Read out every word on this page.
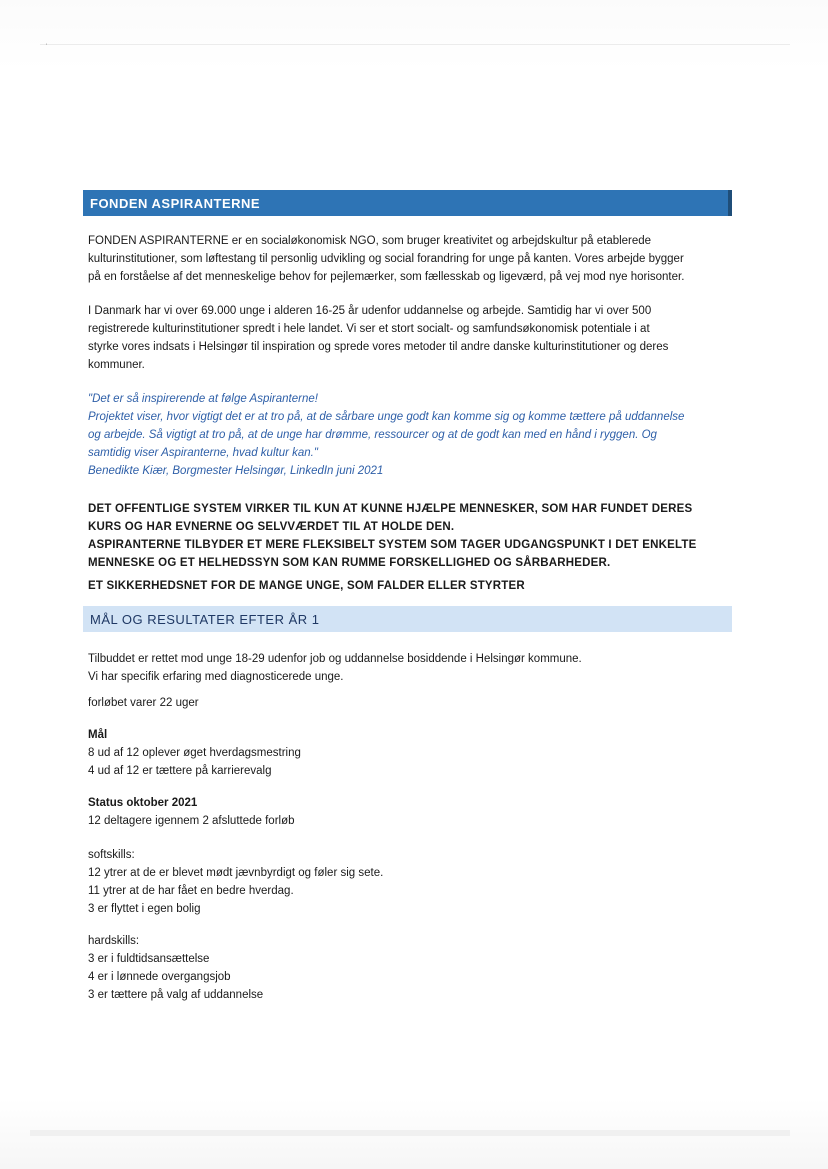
'
FONDEN ASPIRANTERNE

FONDEN ASPIRANTERNE er en socialøkonomisk NGO, som bruger kreativitet og arbejdskultur på etablerede

kulturinstitutioner, som løftestang til personlig udvikling og social forandring for unge på kanten. Vores arbejde bygger

på en forståelse af det menneskelige behov for pejlemærker, som fællesskab og ligeværd, på vej mod nye horisonter.

I Danmark har vi over 69.000 unge i alderen 16-25 år udenfor uddannelse og arbejde. Samtidig har vi over 500

registrerede kulturinstitutioner spredt i hele landet. Vi ser et stort socialt- og samfundsøkonomisk potentiale i at

styrke vores indsats i Helsingør til inspiration og sprede vores metoder til andre danske kulturinstitutioner og deres

kommuner.

"Det er så inspirerende at følge Aspiranterne!

Projektet viser, hvor vigtigt det er at tro på, at de sårbare unge godt kan komme sig og komme tættere på uddannelse

og arbejde. Så vigtigt at tro på, at de unge har drømme, ressourcer og at de godt kan med en hånd i ryggen. Og

samtidig viser Aspiranterne, hvad kultur kan."

Benedikte Kiær, Borgmester Helsingør, LinkedIn juni 2021

DET OFFENTLIGE SYSTEM VIRKER TIL KUN AT KUNNE HJÆLPE MENNESKER, SOM HAR FUNDET DERES

KURS OG HAR EVNERNE OG SELVVÆRDET TIL AT HOLDE DEN.

ASPIRANTERNE TILBYDER ET MERE FLEKSIBELT SYSTEM SOM TAGER UDGANGSPUNKT I DET ENKELTE

MENNESKE OG ET HELHEDSSYN SOM KAN RUMME FORSKELLIGHED OG SÅRBARHEDER.

ET SIKKERHEDSNET FOR DE MANGE UNGE, SOM FALDER ELLER STYRTER

MÅL OG RESULTATER EFTER ÅR 1

Tilbuddet er rettet mod unge 18-29 udenfor job og uddannelse bosiddende i Helsingør kommune.

Vi har specifik erfaring med diagnosticerede unge.

forløbet varer 22 uger

Mål

8 ud af 12 oplever øget hverdagsmestring

4 ud af 12 er tættere på karrierevalg

Status oktober 2021

12 deltagere igennem 2 afsluttede forløb

softskills:

12 ytrer at de er blevet mødt jævnbyrdigt og føler sig sete.

11 ytrer at de har fået en bedre hverdag.

3 er flyttet i egen bolig

hardskills:

3 er i fuldtidsansættelse

4 er i lønnede overgangsjob

3 er tættere på valg af uddannelse
